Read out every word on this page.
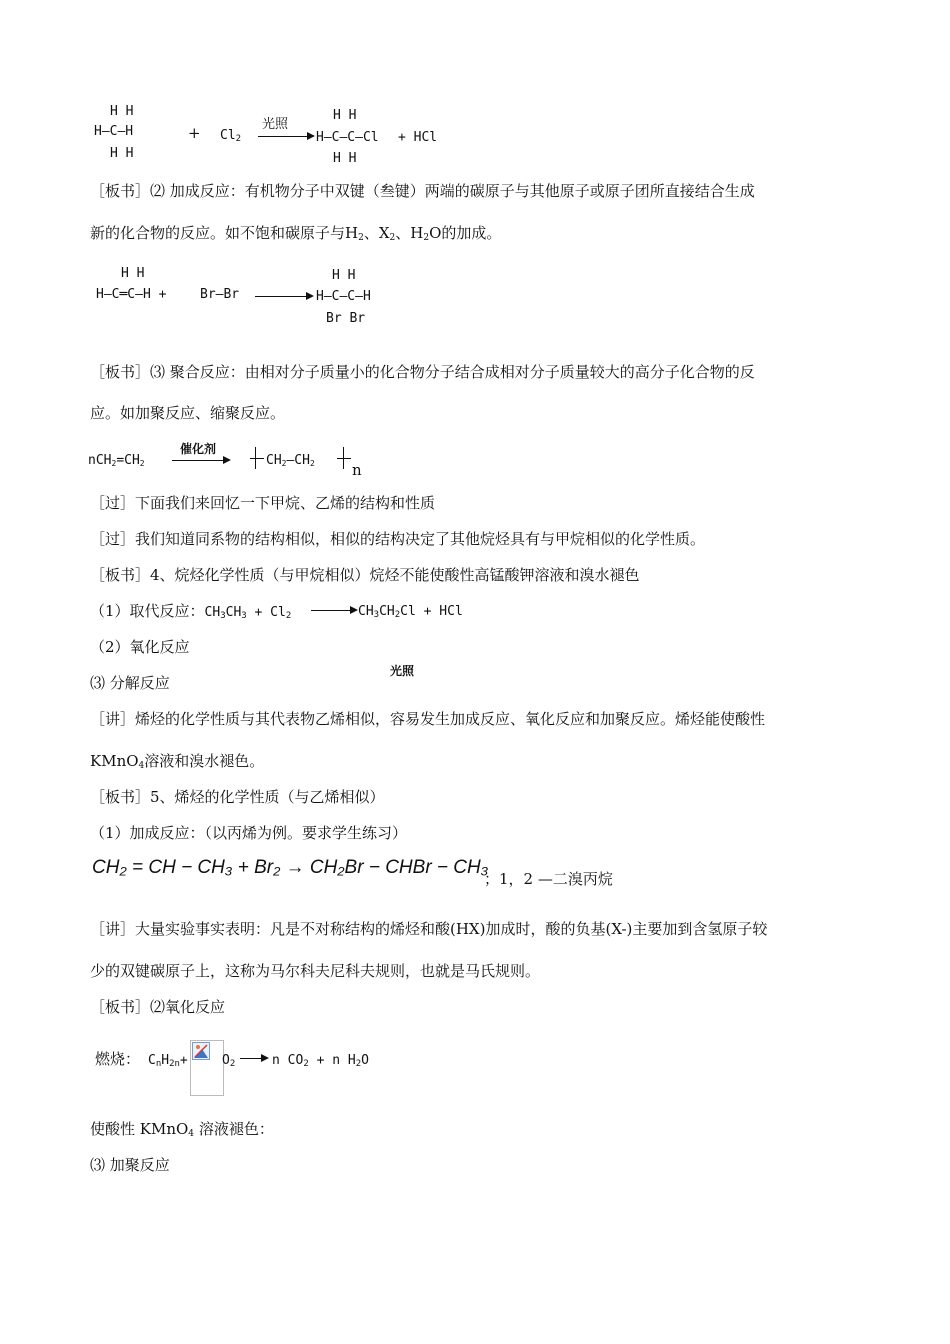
H H
H—C—H
H H
+ $Cl_2$
光照
H H
H—C—C—Cl
H H
+ HCl
［板书］⑵ 加成反应：有机物分子中双键（叁键）两端的碳原子与其他原子或原子团所直接结合生成
新的化合物的反应。如不饱和碳原子与$H_2$、$X_2$、$H_2O$的加成。
H H
H—C═C—H +	Br—Br
H H
H—C—C—H
Br Br
［板书］⑶ 聚合反应：由相对分子质量小的化合物分子结合成相对分子质量较大的高分子化合物的反
应。如加聚反应、缩聚反应。
$nCH_2=CH_2$
催化剂
$CH_2—CH_2$ n
［过］下面我们来回忆一下甲烷、乙烯的结构和性质
［过］我们知道同系物的结构相似，相似的结构决定了其他烷烃具有与甲烷相似的化学性质。
［板书］4、烷烃化学性质（与甲烷相似）烷烃不能使酸性高锰酸钾溶液和溴水褪色
（1）取代反应：$CH_3CH_3 + Cl_2$	$CH_3CH_2Cl$ + HCl
（2）氧化反应
光照
⑶ 分解反应
［讲］烯烃的化学性质与其代表物乙烯相似，容易发生加成反应、氧化反应和加聚反应。烯烃能使酸性
KMnO$_4$溶液和溴水褪色。
［板书］5、烯烃的化学性质（与乙烯相似）
（1）加成反应：（以丙烯为例。要求学生练习）
CH₂ = CH − CH₃ + Br₂ → CH₂Br − CHBr − CH₃
；1，2 —二溴丙烷
［讲］大量实验事实表明：凡是不对称结构的烯烃和酸(HX)加成时，酸的负基(X-)主要加到含氢原子较
少的双键碳原子上，这称为马尔科夫尼科夫规则，也就是马氏规则。
［板书］⑵氧化反应
燃烧： $C_nH_{2n}+$	$O_2$	n $CO_2 + n$ $H_2O$
使酸性 KMnO$_4$ 溶液褪色：
⑶ 加聚反应
